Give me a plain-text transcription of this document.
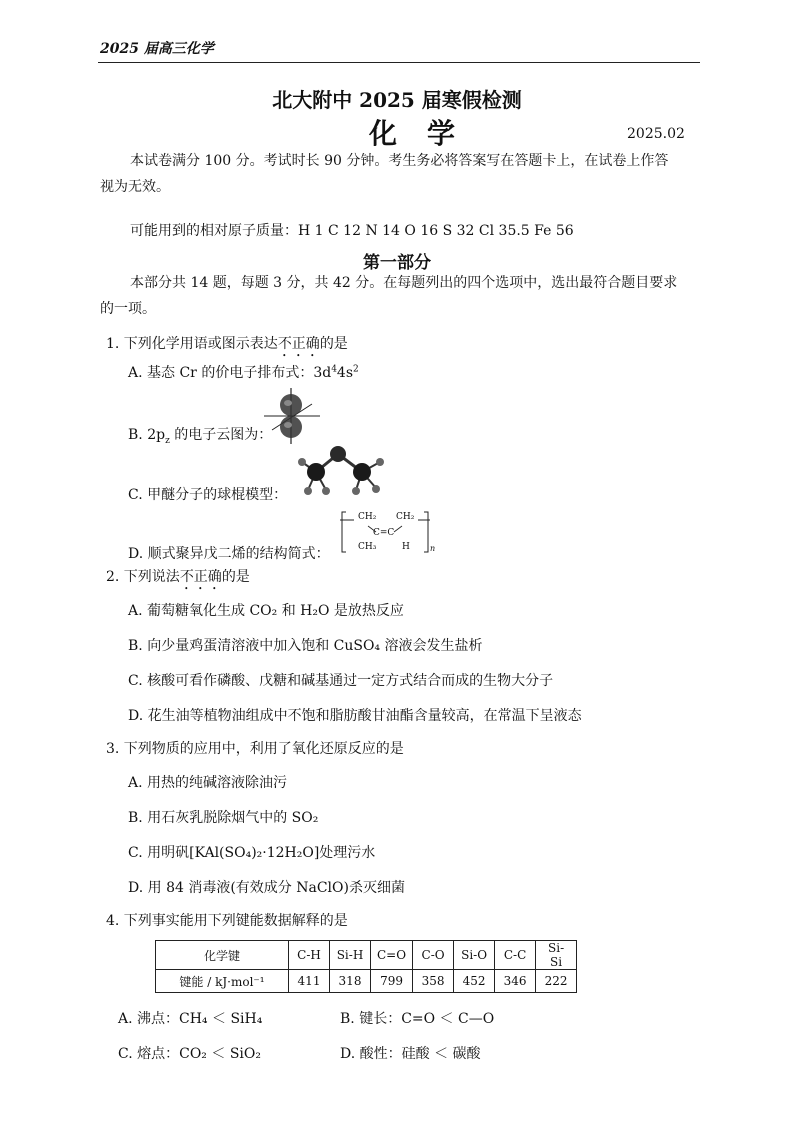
2025 届高三化学
北大附中 2025 届寒假检测
化学	2025.02
本试卷满分 100 分。考试时长 90 分钟。考生务必将答案写在答题卡上，在试卷上作答
视为无效。
可能用到的相对原子质量：H 1 C 12 N 14 O 16 S 32 Cl 35.5 Fe 56
第一部分
本部分共 14 题，每题 3 分，共 42 分。在每题列出的四个选项中，选出最符合题目要求
的一项。
1. 下列化学用语或图示表达不正确的是
A. 基态 Cr 的价电子排布式：$3d^44s^2$
B. $2p_z$ 的电子云图为：
C. 甲醚分子的球棍模型：
D. 顺式聚异戊二烯的结构简式：
CH₂ CH₂
C=C
CH₃	H	n
2. 下列说法不正确的是
A. 葡萄糖氧化生成 CO₂ 和 H₂O 是放热反应
B. 向少量鸡蛋清溶液中加入饱和 CuSO₄ 溶液会发生盐析
C. 核酸可看作磷酸、戊糖和碱基通过一定方式结合而成的生物大分子
D. 花生油等植物油组成中不饱和脂肪酸甘油酯含量较高，在常温下呈液态
3. 下列物质的应用中，利用了氧化还原反应的是
A. 用热的纯碱溶液除油污
B. 用石灰乳脱除烟气中的 SO₂
C. 用明矾[KAl(SO₄)₂·12H₂O]处理污水
D. 用 84 消毒液(有效成分 NaClO)杀灭细菌
4. 下列事实能用下列键能数据解释的是
化学键	C-H	Si-H	C=O	C-O	Si-O	C-C	Si-Si
键能 / kJ·mol⁻¹	411	318	799	358	452	346	222
A. 沸点：CH₄ ＜ SiH₄	B. 键长：C=O ＜ C—O
C. 熔点：CO₂ ＜ SiO₂	D. 酸性：硅酸 ＜ 碳酸
